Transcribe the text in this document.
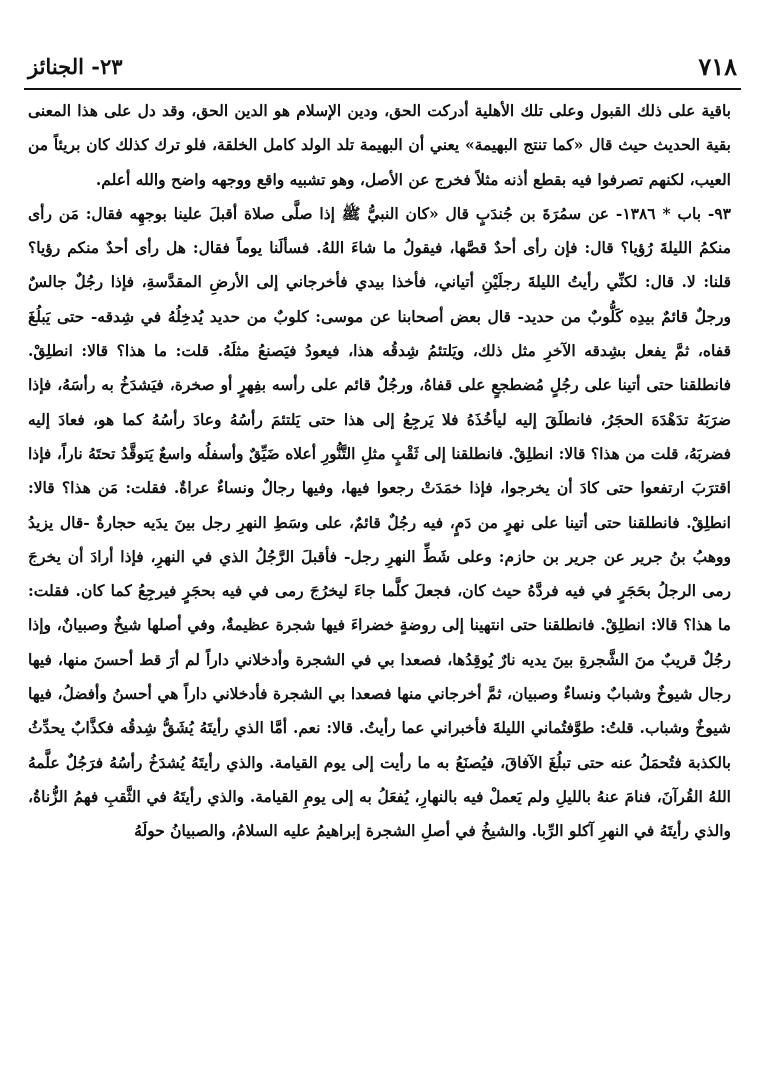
٢٣- الجنائز	٧١٨

باقية على ذلك القبول وعلى تلك الأهلية أدركت الحق، ودين الإسلام هو الدين الحق، وقد دل على هذا المعنى بقية الحديث حيث قال «كما تنتج البهيمة» يعني أن البهيمة تلد الولد كامل الخلقة، فلو ترك كذلك كان بريئاً من العيب، لكنهم تصرفوا فيه بقطع أذنه مثلاً فخرج عن الأصل، وهو تشبيه واقع ووجهه واضح والله أعلم.

٩٣- باب * ١٣٨٦- عن سمُرَةَ بن جُندَبٍ قال «كان النبيُّ ﷺ إذا صلَّى صلاة أقبلَ علينا بوجهِه فقال: مَن رأى منكمُ الليلةَ رُؤيا؟ قال: فإن رأى أحدٌ قصَّها، فيقولُ ما شاءَ اللهُ. فسألَنا يوماً فقال: هل رأى أحدٌ منكم رؤيا؟ قلنا: لا. قال: لكنِّي رأيتُ الليلةَ رجلَيْنِ أتياني، فأخذا بيدي فأخرجاني إلى الأرضِ المقدَّسةِ، فإذا رجُلٌ جالسٌ ورجلٌ قائمٌ بيدِه كَلُّوبٌ من حديد- قال بعض أصحابنا عن موسى: كلوبٌ من حديد يُدخِلُهُ في شِدقه- حتى يَبلُغَ قفاه، ثمَّ يفعل بشِدقه الآخرِ مثل ذلك، ويَلتئمُ شِدقُه هذا، فيعودُ فيَصنعُ مثلَهُ. قلت: ما هذا؟ قالا: انطلِقْ. فانطلقنا حتى أتينا على رجُلٍ مُضطجعٍ على قفاهُ، ورجُلٌ قائم على رأسه بفِهرٍ أو صخرة، فيَشدَخُ به رأسَهُ، فإذا ضرَبَهُ تدَهْدَهَ الحجَرُ، فانطلَقَ إليه ليأخُذَهُ فلا يَرجِعُ إلى هذا حتى يَلتئمَ رأسُهُ وعادَ رأسُهُ كما هو، فعادَ إليه فضربَهُ، قلت من هذا؟ قالا: انطلِقْ. فانطلقنا إلى ثَقْبٍ مثلِ التَّنُّورِ أعلاه ضَيِّقٌ وأسفلُه واسعٌ يَتوقَّدُ تحتَهُ ناراً، فإذا اقترَبَ ارتفعوا حتى كادَ أن يخرجوا، فإذا خمَدَتْ رجعوا فيها، وفيها رجالٌ ونساءٌ عراةٌ. فقلت: مَن هذا؟ قالا: انطلِقْ. فانطلقنا حتى أتينا على نهرٍ من دَمٍ، فيه رجُلٌ قائمٌ، على وسَطِ النهرِ رجل بينَ يدَيه حجارةٌ -قال يزيدُ ووهبُ بنُ جرير عن جرير بن حازم: وعلى شَطِّ النهرِ رجل- فأقبلَ الرَّجُلُ الذي في النهرِ، فإذا أرادَ أن يخرجَ رمى الرجلُ بحَجَرٍ في فيه فردَّهُ حيث كان، فجعلَ كلَّما جاءَ ليخرُجَ رمى في فيه بحجَرٍ فيرجِعُ كما كان. فقلت: ما هذا؟ قالا: انطلِقْ. فانطلقنا حتى انتهينا إلى روضةٍ خضراءَ فيها شجرة عظيمةٌ، وفي أصلها شيخٌ وصبيانٌ، وإذا رجُلٌ قريبٌ منَ الشَّجرةِ بينَ يديه نارٌ يُوقِدُها، فصعدا بي في الشجرة وأدخلاني داراً لم أرَ قط أحسنَ منها، فيها رجال شيوخٌ وشبابٌ ونساءٌ وصبيان، ثمَّ أخرجاني منها فصعدا بي الشجرة فأدخلاني داراً هي أحسنُ وأفضلُ، فيها شيوخٌ وشباب. قلتُ: طوَّفتُماني الليلةَ فأخبراني عما رأيتُ. قالا: نعم. أمَّا الذي رأيتَهُ يُشَقُّ شِدقُه فكذَّابٌ يحدِّثُ بالكذبة فتُحمَلُ عنه حتى تبلُغَ الآفاقَ، فيُصنَعُ به ما رأيت إلى يوم القيامة. والذي رأيتَهُ يُشدَخُ رأسُهُ فرَجُلٌ علَّمهُ اللهُ القُرآنَ، فنامَ عنهُ بالليلِ ولم يَعملْ فيه بالنهارِ، يُفعَلُ به إلى يومِ القيامة. والذي رأيتَهُ في الثَّقبِ فهمُ الزُّناةُ، والذي رأيتَهُ في النهرِ آكلو الرِّبا. والشيخُ في أصلِ الشجرة إبراهيمُ عليه السلامُ، والصبيانُ حولَهُ
